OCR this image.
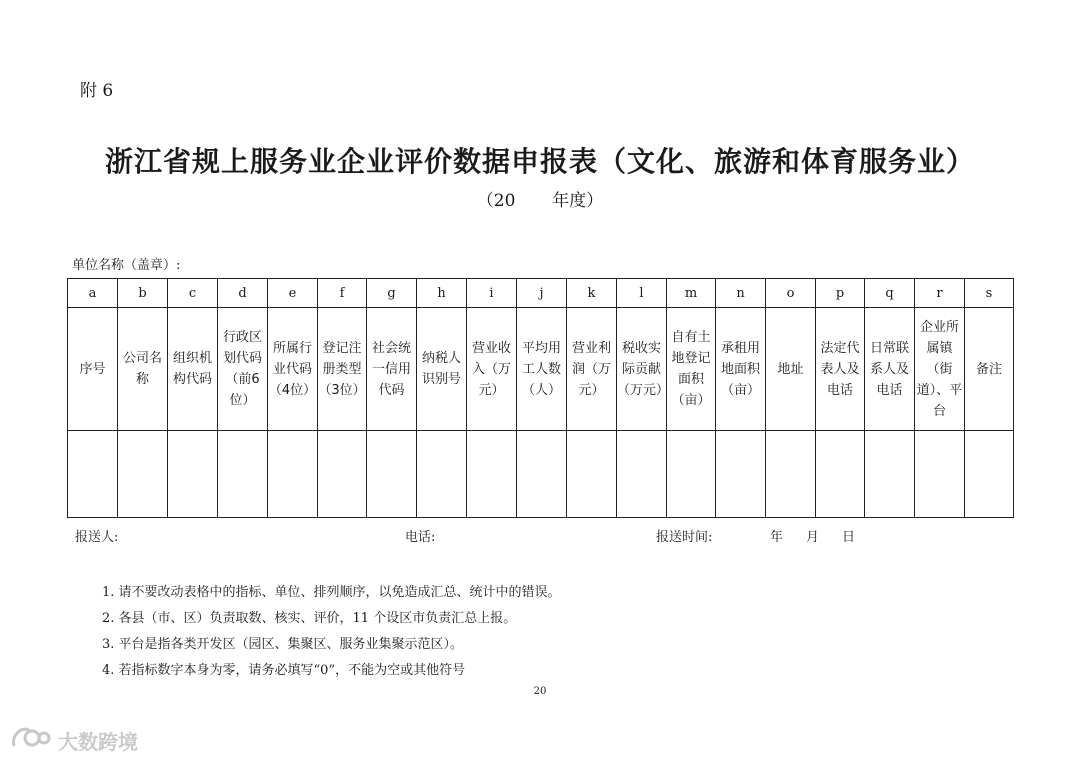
附 6
浙江省规上服务业企业评价数据申报表（文化、旅游和体育服务业）
（20 年度）
单位名称（盖章）:
a	b	c	d	e	f	g	h	i	j	k	l	m	n	o	p	q	r	s
序号	公司名称	组织机构代码	行政区划代码（前6位）	所属行业代码（4位）	登记注册类型（3位）	社会统一信用代码	纳税人识别号	营业收入（万元）	平均用工人数（人）	营业利润（万元）	税收实际贡献（万元）	自有土地登记面积（亩）	承租用地面积（亩）	地址	法定代表人及电话	日常联系人及电话	企业所属镇（街道）、平台	备注

报送人:	电话:	报送时间:	年 月 日
1. 请不要改动表格中的指标、单位、排列顺序，以免造成汇总、统计中的错误。
2. 各县（市、区）负责取数、核实、评价，11 个设区市负责汇总上报。
3. 平台是指各类开发区（园区、集聚区、服务业集聚示范区）。
4. 若指标数字本身为零，请务必填写“0”，不能为空或其他符号
20
大数跨境
